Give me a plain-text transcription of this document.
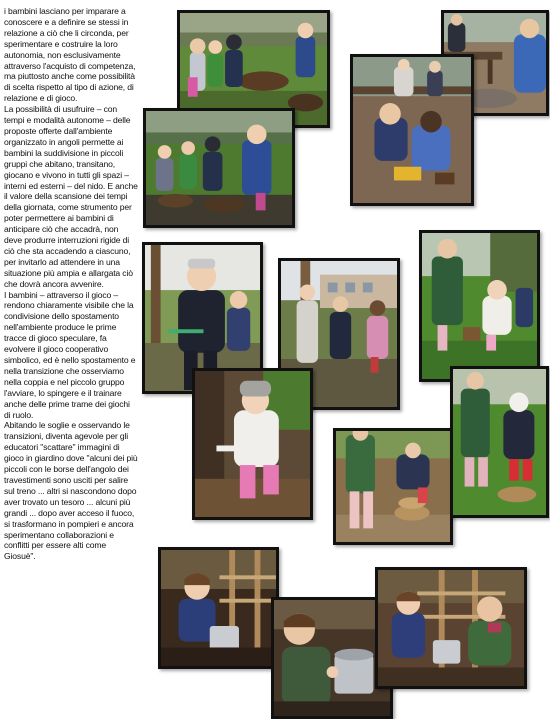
i bambini lasciano per imparare a conoscere e a definire se stessi in relazione a ciò che li circonda, per sperimentare e costruire la loro autonomia, non esclusivamente attraverso l'acquisto di competenza, ma piuttosto anche come possibilità di scelta rispetto al tipo di azione, di relazione e di gioco.

La possibilità di usufruire – con tempi e modalità autonome – delle proposte offerte dall'ambiente organizzato in angoli permette ai bambini la suddivisione in piccoli gruppi che abitano, transitano, giocano e vivono in tutti gli spazi – interni ed esterni – del nido. E anche il valore della scansione dei tempi della giornata, come strumento per poter permettere ai bambini di anticipare ciò che accadrà, non deve produrre interruzioni rigide di ciò che sta accadendo a ciascuno, per invitarlo ad attendere in una situazione più ampia e allargata ciò che dovrà ancora avvenire.

I bambini – attraverso il gioco – rendono chiaramente visibile che la condivisione dello spostamento nell'ambiente produce le prime tracce di gioco speculare, fa evolvere il gioco cooperativo simbolico, ed è nello spostamento e nella transizione che osserviamo nella coppia e nel piccolo gruppo l'avviare, lo spingere e il trainare anche delle prime trame dei giochi di ruolo.

Abitando le soglie e osservando le transizioni, diventa agevole per gli educatori "scattare" immagini di gioco in giardino dove "alcuni dei più piccoli con le borse dell'angolo dei travestimenti sono usciti per salire sul treno ... altri si nascondono dopo aver trovato un tesoro ... alcuni più grandi ... dopo aver acceso il fuoco, si trasformano in pompieri e ancora sperimentano collaborazioni e conflitti per essere alti come Giosuè".
